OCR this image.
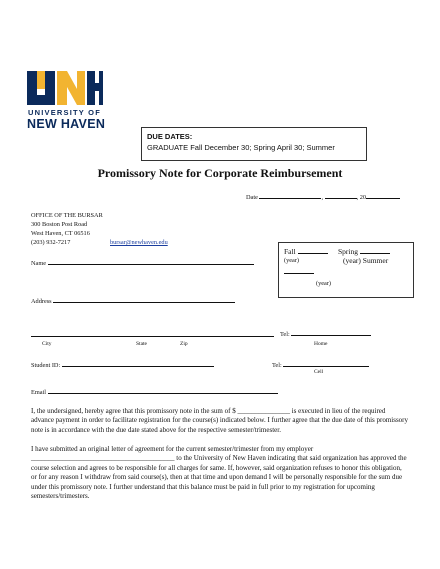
UNIVERSITY OF
NEW HAVEN
DUE DATES:
GRADUATE Fall December 30; Spring April 30; Summer
Promissory Note for Corporate Reimbursement
Date	,	, 20
OFFICE OF THE BURSAR
300 Boston Post Road
West Haven, CT 06516
(203) 932-7217	bursar@newhaven.edu
Fall	Spring
(year)	(year) Summer
(year)
Name
Address
Tel:
City	State	Zip	Home
Student ID:	Tel:
Cell
Email
I, the undersigned, hereby agree that this promissory note in the sum of $ _______________ is executed in lieu of the required advance payment in order to facilitate registration for the course(s) indicated below. I further agree that the due date of this promissory note is in accordance with the due date stated above for the respective semester/trimester.
I have submitted an original letter of agreement for the current semester/trimester from my employer _________________________________________ to the University of New Haven indicating that said organization has approved the course selection and agrees to be responsible for all charges for same. If, however, said organization refuses to honor this obligation, or for any reason I withdraw from said course(s), then at that time and upon demand I will be personally responsible for the sum due under this promissory note. I further understand that this balance must be paid in full prior to my registration for upcoming semesters/trimesters.
